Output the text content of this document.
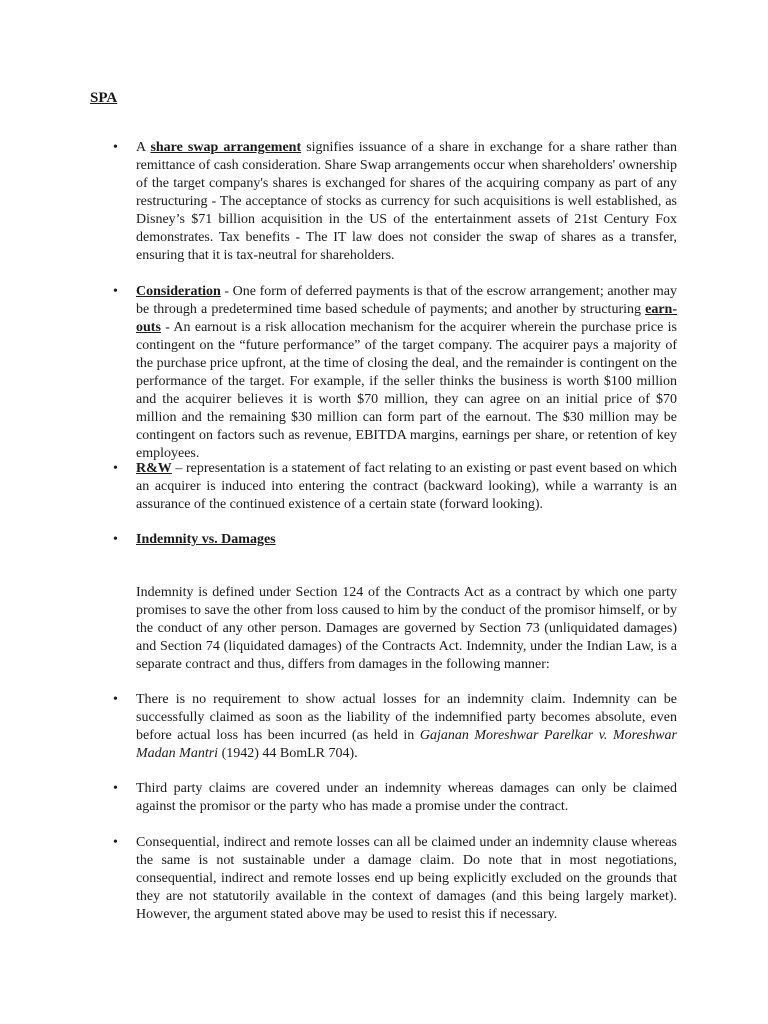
SPA
• A share swap arrangement signifies issuance of a share in exchange for a share rather than remittance of cash consideration. Share Swap arrangements occur when shareholders' ownership of the target company's shares is exchanged for shares of the acquiring company as part of any restructuring - The acceptance of stocks as currency for such acquisitions is well established, as Disney’s $71 billion acquisition in the US of the entertainment assets of 21st Century Fox demonstrates. Tax benefits - The IT law does not consider the swap of shares as a transfer, ensuring that it is tax-neutral for shareholders.

• Consideration - One form of deferred payments is that of the escrow arrangement; another may be through a predetermined time based schedule of payments; and another by structuring earn-outs - An earnout is a risk allocation mechanism for the acquirer wherein the purchase price is contingent on the “future performance” of the target company. The acquirer pays a majority of the purchase price upfront, at the time of closing the deal, and the remainder is contingent on the performance of the target. For example, if the seller thinks the business is worth $100 million and the acquirer believes it is worth $70 million, they can agree on an initial price of $70 million and the remaining $30 million can form part of the earnout. The $30 million may be contingent on factors such as revenue, EBITDA margins, earnings per share, or retention of key employees.

• R&W – representation is a statement of fact relating to an existing or past event based on which an acquirer is induced into entering the contract (backward looking), while a warranty is an assurance of the continued existence of a certain state (forward looking).

• Indemnity vs. Damages

Indemnity is defined under Section 124 of the Contracts Act as a contract by which one party promises to save the other from loss caused to him by the conduct of the promisor himself, or by the conduct of any other person. Damages are governed by Section 73 (unliquidated damages) and Section 74 (liquidated damages) of the Contracts Act. Indemnity, under the Indian Law, is a separate contract and thus, differs from damages in the following manner:

• There is no requirement to show actual losses for an indemnity claim. Indemnity can be successfully claimed as soon as the liability of the indemnified party becomes absolute, even before actual loss has been incurred (as held in Gajanan Moreshwar Parelkar v. Moreshwar Madan Mantri (1942) 44 BomLR 704).

• Third party claims are covered under an indemnity whereas damages can only be claimed against the promisor or the party who has made a promise under the contract.

• Consequential, indirect and remote losses can all be claimed under an indemnity clause whereas the same is not sustainable under a damage claim. Do note that in most negotiations, consequential, indirect and remote losses end up being explicitly excluded on the grounds that they are not statutorily available in the context of damages (and this being largely market). However, the argument stated above may be used to resist this if necessary.
